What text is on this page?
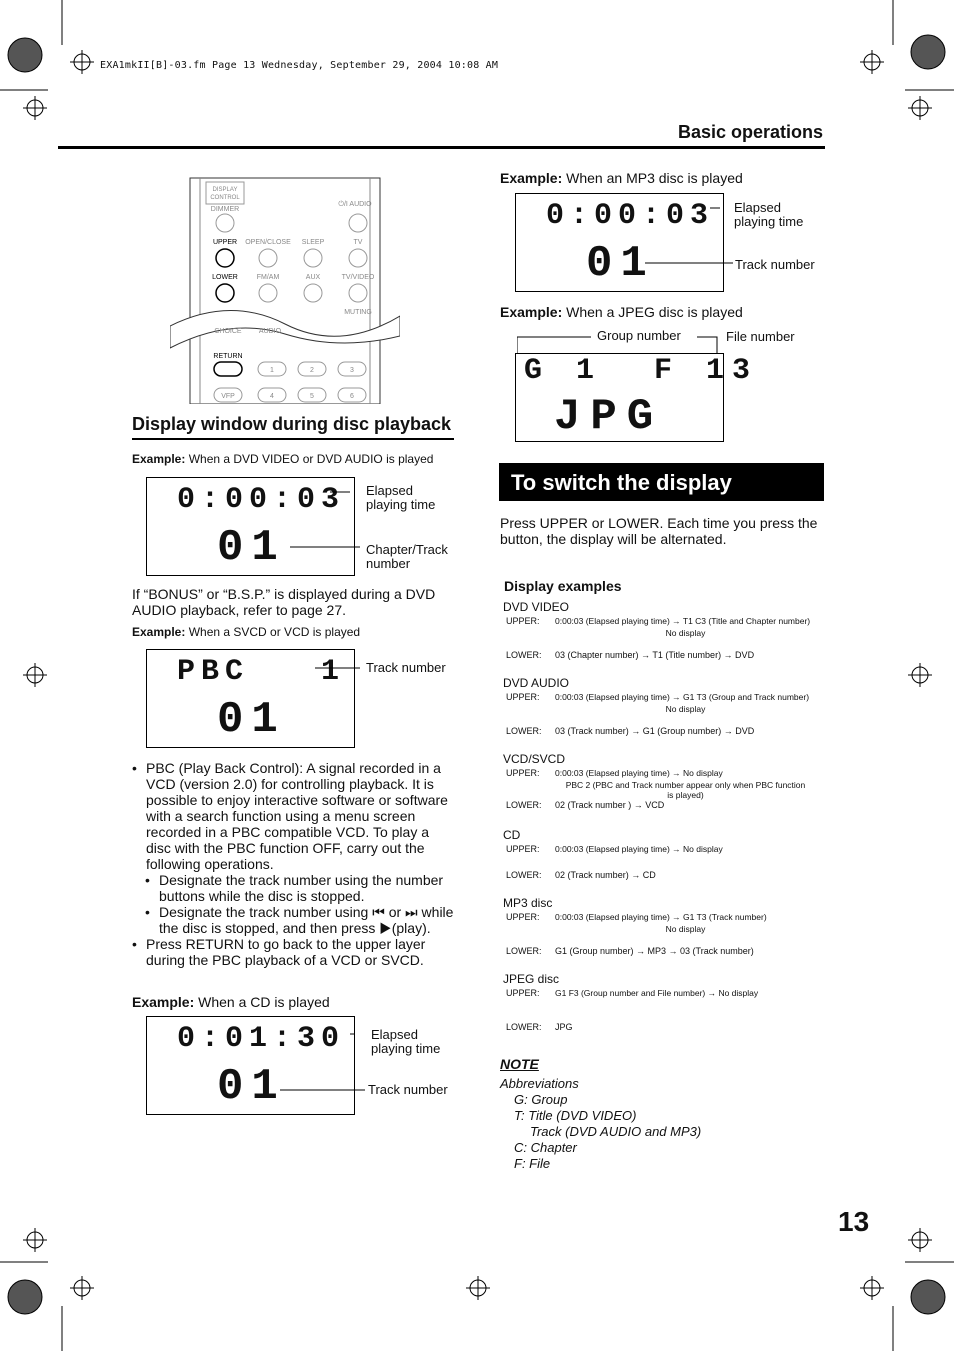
EXA1mkII[B]-03.fm Page 13 Wednesday, September 29, 2004 10:08 AM
Basic operations
DISPLAY
CONTROL
DIMMER
UPPER
LOWER
OPEN/CLOSE SLEEP	TV
⏻/I AUDIO
FM/AM	AUX	TV/VIDEO
MUTING
CHOICE AUDIO
RETURN
1	2	3
VFP	4	5	6
Display window during disc playback
Example: When a DVD VIDEO or DVD AUDIO is played
0:00:03
01
Elapsed
playing time
Chapter/Track
number
If “BONUS” or “B.S.P.” is displayed during a DVD AUDIO playback, refer to page 27.
Example: When a SVCD or VCD is played
PBC   1
01
Track number
• PBC (Play Back Control): A signal recorded in a VCD (version 2.0) for controlling playback. It is possible to enjoy interactive software or software with a search function using a menu screen recorded in a PBC compatible VCD. To play a disc with the PBC function OFF, carry out the following operations.
• Designate the track number using the number buttons while the disc is stopped.
• Designate the track number using ⏮ or ⏭ while the disc is stopped, and then press ▶(play).
• Press RETURN to go back to the upper layer during the PBC playback of a VCD or SVCD.
Example: When a CD is played
0:01:30
01
Elapsed
playing time
Track number
Example: When an MP3 disc is played
0:00:03
01
Elapsed
playing time
Track number
Example: When a JPEG disc is played
Group number	File number
G 1  F 13
JPG
To switch the display
Press UPPER or LOWER. Each time you press the button, the display will be alternated.
Display examples
DVD VIDEO
UPPER: 0:00:03 (Elapsed playing time) → T1 C3 (Title and Chapter number)
No display
LOWER: 03 (Chapter number) → T1 (Title number) → DVD
DVD AUDIO
UPPER: 0:00:03 (Elapsed playing time) → G1 T3 (Group and Track number)
No display
LOWER: 03 (Track number) → G1 (Group number) → DVD
VCD/SVCD
UPPER: 0:00:03 (Elapsed playing time) → No display
PBC 2 (PBC and Track number appear only when PBC function is played)
LOWER: 02 (Track number ) → VCD
CD
UPPER: 0:00:03 (Elapsed playing time) → No display
LOWER: 02 (Track number) → CD
MP3 disc
UPPER: 0:00:03 (Elapsed playing time) → G1 T3 (Track number)
No display
LOWER: G1 (Group number) → MP3 → 03 (Track number)
JPEG disc
UPPER: G1 F3 (Group number and File number) → No display
LOWER: JPG
NOTE
Abbreviations
G: Group
T: Title (DVD VIDEO)
Track (DVD AUDIO and MP3)
C: Chapter
F: File
13
